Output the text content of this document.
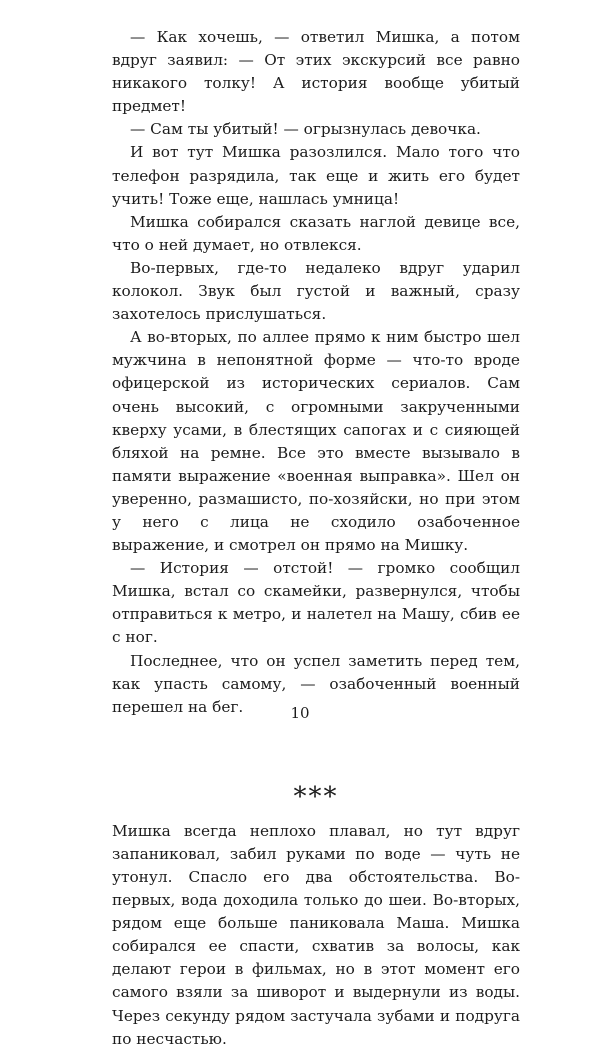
— Как хочешь, — ответил Мишка, а потом вдруг заявил: — От этих экскурсий все равно никакого толку! А история вообще убитый предмет!

— Сам ты убитый! — огрызнулась девочка.

И вот тут Мишка разозлился. Мало того что телефон разрядила, так еще и жить его будет учить! Тоже еще, нашлась умница!

Мишка собирался сказать наглой девице все, что о ней думает, но отвлекся.

Во-первых, где-то недалеко вдруг ударил колокол. Звук был густой и важный, сразу захотелось прислушаться.

А во-вторых, по аллее прямо к ним быстро шел мужчина в непонятной форме — что-то вроде офицерской из исторических сериалов. Сам очень высокий, с огромными закрученными кверху усами, в блестящих сапогах и с сияющей бляхой на ремне. Все это вместе вызывало в памяти выражение «военная выправка». Шел он уверенно, размашисто, по-хозяйски, но при этом у него с лица не сходило озабоченное выражение, и смотрел он прямо на Мишку.

— История — отстой! — громко сообщил Мишка, встал со скамейки, развернулся, чтобы отправиться к метро, и налетел на Машу, сбив ее с ног.

Последнее, что он успел заметить перед тем, как упасть самому, — озабоченный военный перешел на бег.

***

Мишка всегда неплохо плавал, но тут вдруг запаниковал, забил руками по воде — чуть не утонул. Спасло его два обстоятельства. Во-первых, вода доходила только до шеи. Во-вторых, рядом еще больше паниковала Маша. Мишка собирался ее спасти, схватив за волосы, как делают герои в фильмах, но в этот момент его самого взяли за шиворот и выдернули из воды. Через секунду рядом застучала зубами и подруга по несчастью.

10
